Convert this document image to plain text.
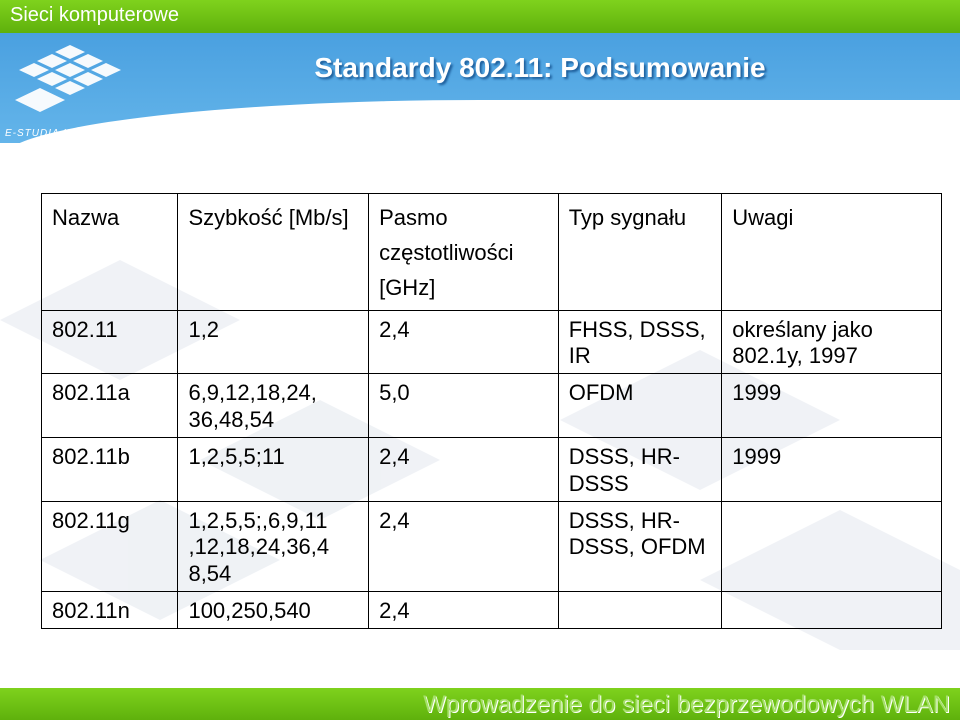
Sieci komputerowe
E-STUDIA INFORMATYCZNE
Standardy 802.11: Podsumowanie
Nazwa	Szybkość [Mb/s]	Pasmo częstotliwości [GHz]	Typ sygnału	Uwagi
802.11	1,2	2,4	FHSS, DSSS, IR	określany jako 802.1y, 1997
802.11a	6,9,12,18,24, 36,48,54	5,0	OFDM	1999
802.11b	1,2,5,5;11	2,4	DSSS, HR-DSSS	1999
802.11g	1,2,5,5;,6,9,11 ,12,18,24,36,4 8,54	2,4	DSSS, HR-DSSS, OFDM	
802.11n	100,250,540	2,4		
Wprowadzenie do sieci bezprzewodowych WLAN
